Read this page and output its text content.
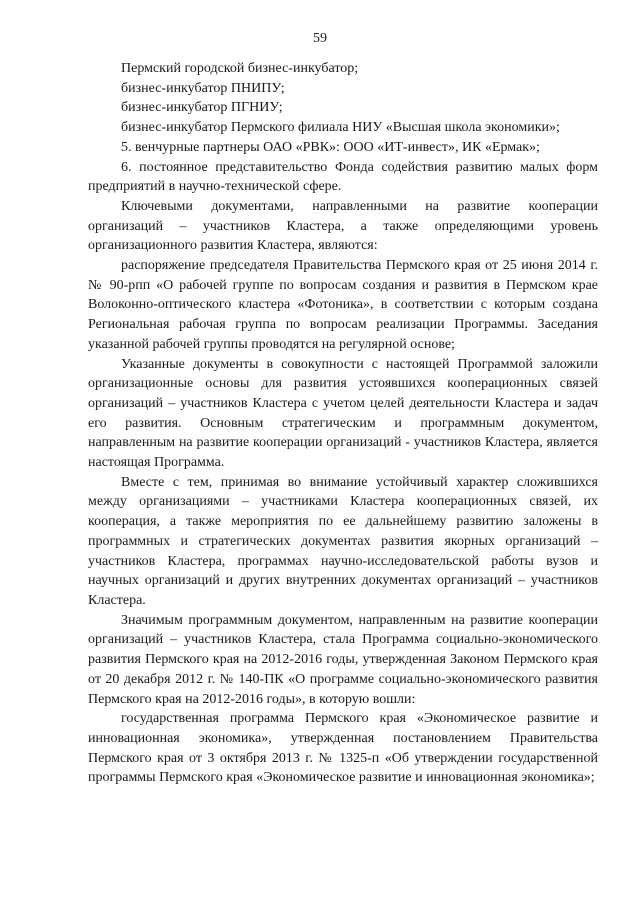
59

Пермский городской бизнес-инкубатор;

бизнес-инкубатор ПНИПУ;

бизнес-инкубатор ПГНИУ;

бизнес-инкубатор Пермского филиала НИУ «Высшая школа экономики»;

5. венчурные партнеры ОАО «РВК»: ООО «ИТ-инвест», ИК «Ермак»;

6. постоянное представительство Фонда содействия развитию малых форм предприятий в научно-технической сфере.

Ключевыми документами, направленными на развитие кооперации организаций – участников Кластера, а также определяющими уровень организационного развития Кластера, являются:

распоряжение председателя Правительства Пермского края от 25 июня 2014 г. № 90-рпп «О рабочей группе по вопросам создания и развития в Пермском крае Волоконно-оптического кластера «Фотоника», в соответствии с которым создана Региональная рабочая группа по вопросам реализации Программы. Заседания указанной рабочей группы проводятся на регулярной основе;

Указанные документы в совокупности с настоящей Программой заложили организационные основы для развития устоявшихся кооперационных связей организаций – участников Кластера с учетом целей деятельности Кластера и задач его развития. Основным стратегическим и программным документом, направленным на развитие кооперации организаций - участников Кластера, является настоящая Программа.

Вместе с тем, принимая во внимание устойчивый характер сложившихся между организациями – участниками Кластера кооперационных связей, их кооперация, а также мероприятия по ее дальнейшему развитию заложены в программных и стратегических документах развития якорных организаций – участников Кластера, программах научно-исследовательской работы вузов и научных организаций и других внутренних документах организаций – участников Кластера.

Значимым программным документом, направленным на развитие кооперации организаций – участников Кластера, стала Программа социально-экономического развития Пермского края на 2012-2016 годы, утвержденная Законом Пермского края от 20 декабря 2012 г. № 140-ПК «О программе социально-экономического развития Пермского края на 2012-2016 годы», в которую вошли:

государственная программа Пермского края «Экономическое развитие и инновационная экономика», утвержденная постановлением Правительства Пермского края от 3 октября 2013 г. № 1325-п «Об утверждении государственной программы Пермского края «Экономическое развитие и инновационная экономика»;
